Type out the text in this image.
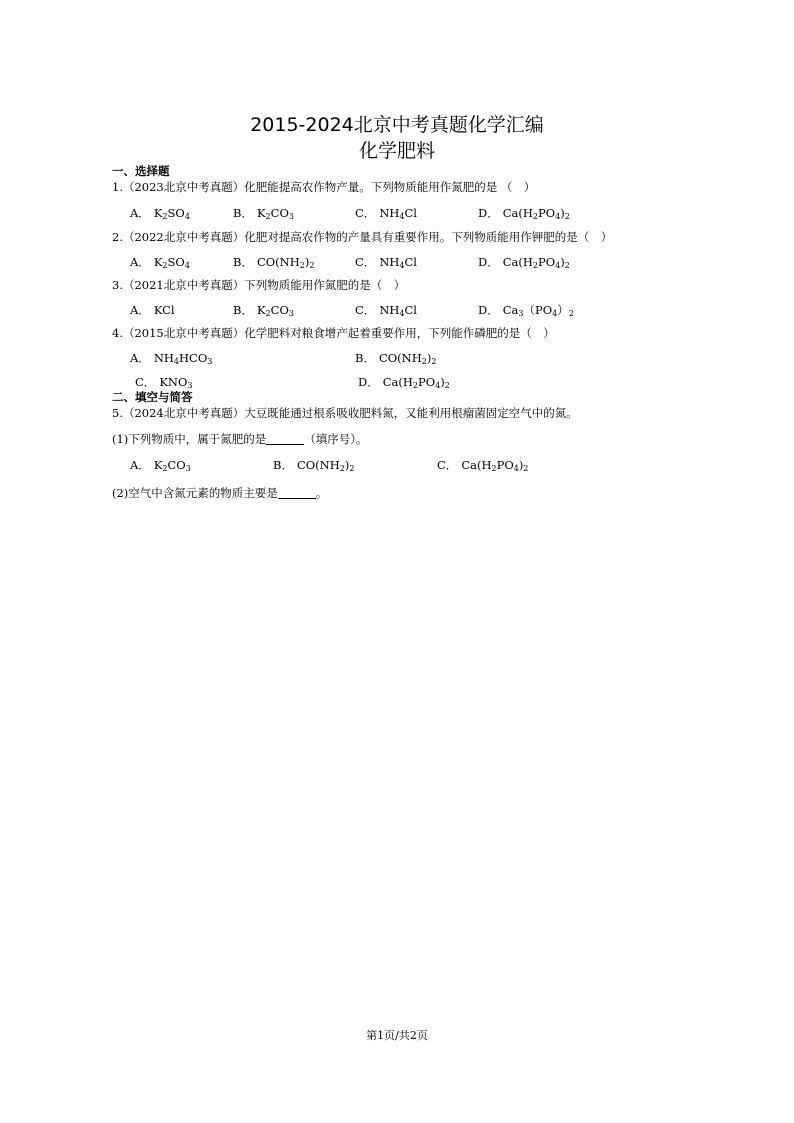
2015-2024北京中考真题化学汇编
化学肥料
一、选择题
1.（2023北京中考真题）化肥能提高农作物产量。下列物质能用作氮肥的是 （　）
A． $K_2SO_4$	B． $K_2CO_3$	C． $NH_4Cl$	D． $Ca(H_2PO_4)_2$
2.（2022北京中考真题）化肥对提高农作物的产量具有重要作用。下列物质能用作钾肥的是（　）
A． $K_2SO_4$	B． $CO(NH_2)_2$	C． $NH_4Cl$	D． $Ca(H_2PO_4)_2$
3.（2021北京中考真题）下列物质能用作氮肥的是（　）
A． KCl	B． $K_2CO_3$	C． $NH_4Cl$	D． $Ca_3(PO_4)_2$
4.（2015北京中考真题）化学肥料对粮食增产起着重要作用，下列能作磷肥的是（　）
A． $NH_4HCO_3$	B． $CO(NH_2)_2$
C． $KNO_3$	D． $Ca(H_2PO_4)_2$
二、填空与简答
5.（2024北京中考真题）大豆既能通过根系吸收肥料氮，又能利用根瘤菌固定空气中的氮。
(1)下列物质中，属于氮肥的是	（填序号）。
A． $K_2CO_3$	B． $CO(NH_2)_2$	C． $Ca(H_2PO_4)_2$
(2)空气中含氮元素的物质主要是	。
第1页/共2页
